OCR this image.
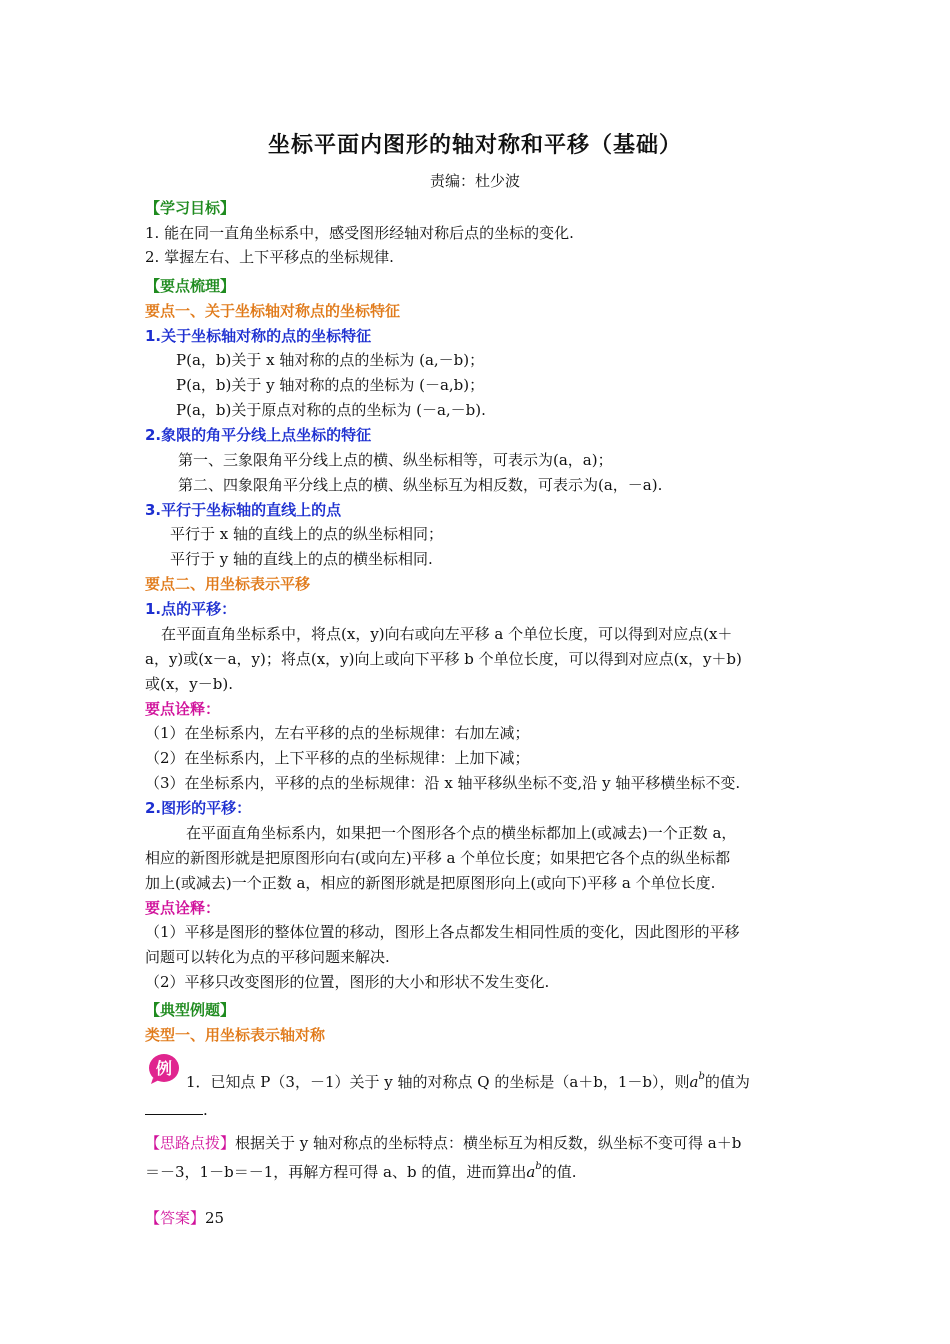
坐标平面内图形的轴对称和平移（基础）
责编：杜少波
【学习目标】
1. 能在同一直角坐标系中，感受图形经轴对称后点的坐标的变化.
2. 掌握左右、上下平移点的坐标规律.
【要点梳理】
要点一、关于坐标轴对称点的坐标特征
1.关于坐标轴对称的点的坐标特征
P(a，b)关于 x 轴对称的点的坐标为 (a,－b)；
P(a，b)关于 y 轴对称的点的坐标为 (－a,b)；
P(a，b)关于原点对称的点的坐标为 (－a,－b).
2.象限的角平分线上点坐标的特征
第一、三象限角平分线上点的横、纵坐标相等，可表示为(a，a)；
第二、四象限角平分线上点的横、纵坐标互为相反数，可表示为(a，－a).
3.平行于坐标轴的直线上的点
平行于 x 轴的直线上的点的纵坐标相同；
平行于 y 轴的直线上的点的横坐标相同.
要点二、用坐标表示平移
1.点的平移：
在平面直角坐标系中，将点(x，y)向右或向左平移 a 个单位长度，可以得到对应点(x＋
a，y)或(x－a，y)；将点(x，y)向上或向下平移 b 个单位长度，可以得到对应点(x，y＋b)
或(x，y－b).
要点诠释：
（1）在坐标系内，左右平移的点的坐标规律：右加左减；
（2）在坐标系内，上下平移的点的坐标规律：上加下减；
（3）在坐标系内，平移的点的坐标规律：沿 x 轴平移纵坐标不变,沿 y 轴平移横坐标不变.
2.图形的平移：
在平面直角坐标系内，如果把一个图形各个点的横坐标都加上(或减去)一个正数 a，
相应的新图形就是把原图形向右(或向左)平移 a 个单位长度；如果把它各个点的纵坐标都
加上(或减去)一个正数 a，相应的新图形就是把原图形向上(或向下)平移 a 个单位长度.
要点诠释：
（1）平移是图形的整体位置的移动，图形上各点都发生相同性质的变化，因此图形的平移
问题可以转化为点的平移问题来解决.
（2）平移只改变图形的位置，图形的大小和形状不发生变化.
【典型例题】
类型一、用坐标表示轴对称
例
1．已知点 P（3，－1）关于 y 轴的对称点 Q 的坐标是（a＋b，1－b），则$a^b$的值为
.
【思路点拨】根据关于 y 轴对称点的坐标特点：横坐标互为相反数，纵坐标不变可得 a＋b
＝－3，1－b＝－1，再解方程可得 a、b 的值，进而算出$a^b$的值.
【答案】25
